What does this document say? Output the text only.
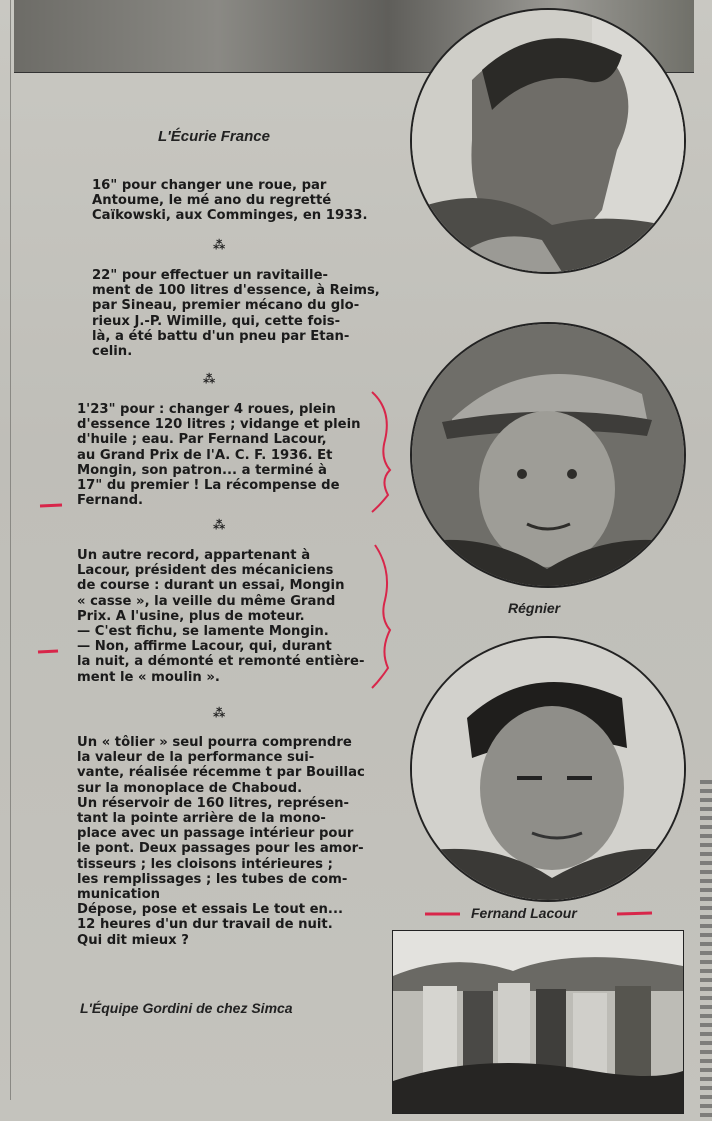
L'Écurie France
16" pour changer une roue, par
Antoume, le mé ano du regretté
Caïkowski, aux Comminges, en 1933.
⁂
22" pour effectuer un ravitaille-
ment de 100 litres d'essence, à Reims,
par Sineau, premier mécano du glo-
rieux J.-P. Wimille, qui, cette fois-
là, a été battu d'un pneu par Etan-
celin.
⁂
1'23" pour : changer 4 roues, plein
d'essence 120 litres ; vidange et plein
d'huile ; eau. Par Fernand Lacour,
au Grand Prix de l'A. C. F. 1936. Et
Mongin, son patron... a terminé à
17" du premier ! La récompense de
Fernand.
⁂
Un autre record, appartenant à
Lacour, président des mécaniciens
de course : durant un essai, Mongin
« casse », la veille du même Grand
Prix. A l'usine, plus de moteur.
— C'est fichu, se lamente Mongin.
— Non, affirme Lacour, qui, durant
la nuit, a démonté et remonté entière-
ment le « moulin ».
⁂
Un « tôlier » seul pourra comprendre
la valeur de la performance sui-
vante, réalisée récemme t par Bouillac
sur la monoplace de Chaboud.
Un réservoir de 160 litres, représen-
tant la pointe arrière de la mono-
place avec un passage intérieur pour
le pont. Deux passages pour les amor-
tisseurs ; les cloisons intérieures ;
les remplissages ; les tubes de com-
munication
Dépose, pose et essais Le tout en...
12 heures d'un dur travail de nuit.
Qui dit mieux ?
Régnier
Fernand Lacour
L'Équipe Gordini de chez Simca
